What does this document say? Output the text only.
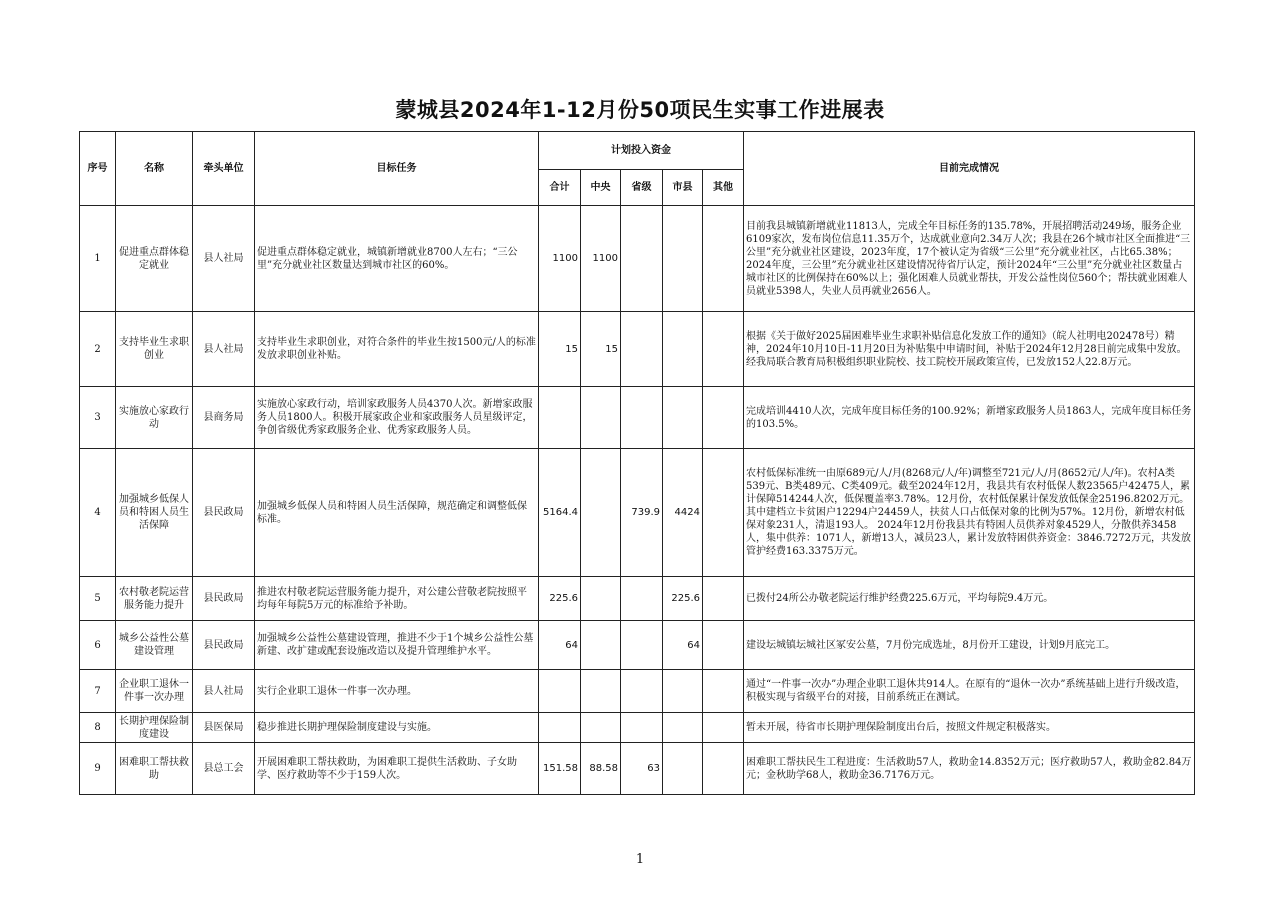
蒙城县2024年1-12月份50项民生实事工作进展表
序号	名称	牵头单位	目标任务	计划投入资金					目前完成情况
				合计	中央	省级	市县	其他	
1	促进重点群体稳定就业	县人社局	促进重点群体稳定就业，城镇新增就业8700人左右；“三公里”充分就业社区数量达到城市社区的60%。	1100	1100				目前我县城镇新增就业11813人，完成全年目标任务的135.78%，开展招聘活动249场，服务企业6109家次，发布岗位信息11.35万个，达成就业意向2.34万人次；我县在26个城市社区全面推进“三公里”充分就业社区建设，2023年度，17个被认定为省级“三公里”充分就业社区，占比65.38%；2024年度，三公里”充分就业社区建设情况待省厅认定，预计2024年“三公里”充分就业社区数量占城市社区的比例保持在60%以上；强化困难人员就业帮扶，开发公益性岗位560个；帮扶就业困难人员就业5398人，失业人员再就业2656人。
2	支持毕业生求职创业	县人社局	支持毕业生求职创业，对符合条件的毕业生按1500元/人的标准发放求职创业补贴。	15	15				根据《关于做好2025届困难毕业生求职补贴信息化发放工作的通知》（皖人社明电202478号）精神，2024年10月10日-11月20日为补贴集中申请时间，补贴于2024年12月28日前完成集中发放。经我局联合教育局积极组织职业院校、技工院校开展政策宣传，已发放152人22.8万元。
3	实施放心家政行动	县商务局	实施放心家政行动，培训家政服务人员4370人次。新增家政服务人员1800人。积极开展家政企业和家政服务人员星级评定，争创省级优秀家政服务企业、优秀家政服务人员。						完成培训4410人次，完成年度目标任务的100.92%；新增家政服务人员1863人，完成年度目标任务的103.5%。
4	加强城乡低保人员和特困人员生活保障	县民政局	加强城乡低保人员和特困人员生活保障，规范确定和调整低保标准。	5164.4		739.9	4424		农村低保标准统一由原689元/人/月(8268元/人/年)调整至721元/人/月(8652元/人/年)。农村A类539元、B类489元、C类409元。截至2024年12月，我县共有农村低保人数23565户42475人，累计保障514244人次，低保覆盖率3.78%。12月份，农村低保累计保发放低保金25196.8202万元。其中建档立卡贫困户12294户24459人，扶贫人口占低保对象的比例为57%。12月份，新增农村低保对象231人，清退193人。 2024年12月份我县共有特困人员供养对象4529人，分散供养3458人，集中供养：1071人，新增13人，减员23人，累计发放特困供养资金：3846.7272万元，共发放管护经费163.3375万元。
5	农村敬老院运营服务能力提升	县民政局	推进农村敬老院运营服务能力提升，对公建公营敬老院按照平均每年每院5万元的标准给予补助。	225.6			225.6		已拨付24所公办敬老院运行维护经费225.6万元，平均每院9.4万元。
6	城乡公益性公墓建设管理	县民政局	加强城乡公益性公墓建设管理，推进不少于1个城乡公益性公墓新建、改扩建或配套设施改造以及提升管理维护水平。	64			64		建设坛城镇坛城社区冢安公墓，7月份完成选址，8月份开工建设，计划9月底完工。
7	企业职工退休一件事一次办理	县人社局	实行企业职工退休一件事一次办理。						通过“一件事一次办”办理企业职工退休共914人。在原有的“退休一次办”系统基础上进行升级改造，积极实现与省级平台的对接，目前系统正在测试。
8	长期护理保险制度建设	县医保局	稳步推进长期护理保险制度建设与实施。						暂未开展，待省市长期护理保险制度出台后，按照文件规定积极落实。
9	困难职工帮扶救助	县总工会	开展困难职工帮扶救助，为困难职工提供生活救助、子女助学、医疗救助等不少于159人次。	151.58	88.58	63			困难职工帮扶民生工程进度：生活救助57人，救助金14.8352万元；医疗救助57人，救助金82.84万元；金秋助学68人，救助金36.7176万元。
1
